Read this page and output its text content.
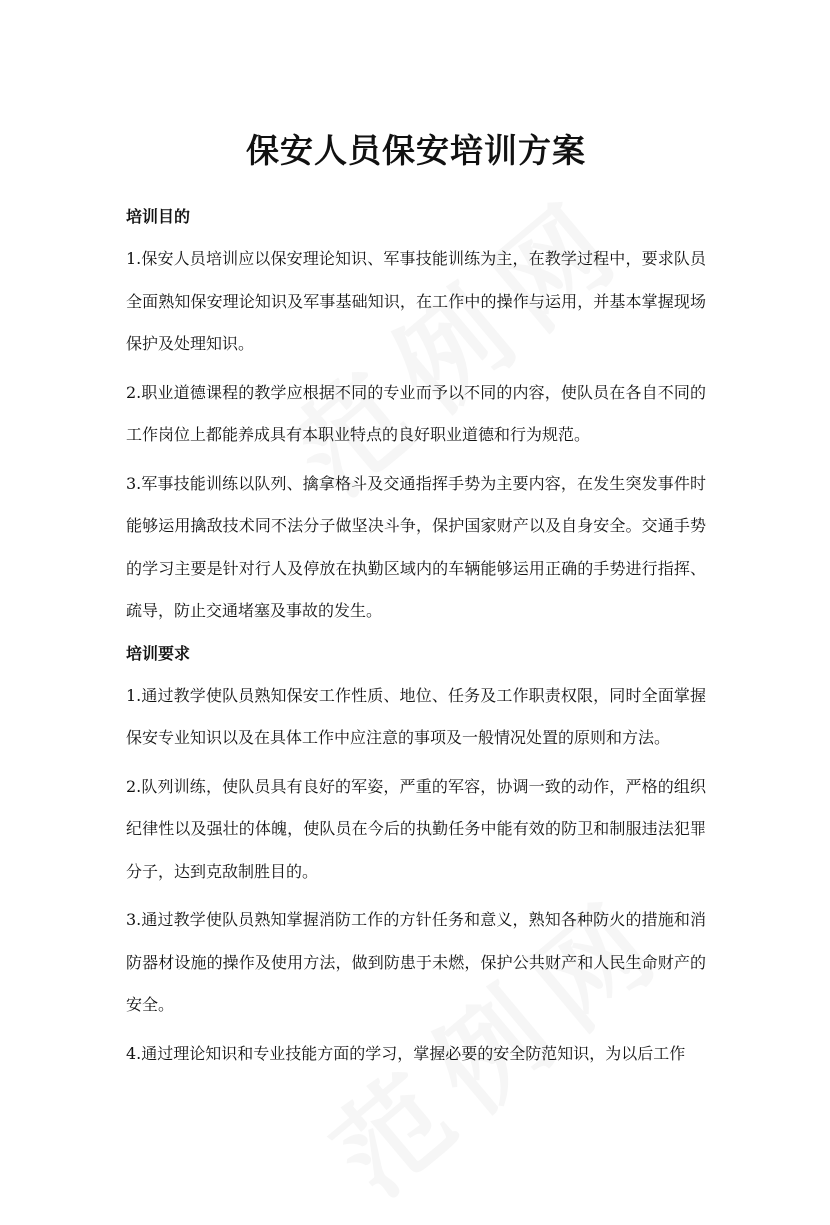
保安人员保安培训方案
培训目的

1.保安人员培训应以保安理论知识、军事技能训练为主，在教学过程中，要求队员全面熟知保安理论知识及军事基础知识，在工作中的操作与运用，并基本掌握现场保护及处理知识。

2.职业道德课程的教学应根据不同的专业而予以不同的内容，使队员在各自不同的工作岗位上都能养成具有本职业特点的良好职业道德和行为规范。

3.军事技能训练以队列、擒拿格斗及交通指挥手势为主要内容，在发生突发事件时能够运用擒敌技术同不法分子做坚决斗争，保护国家财产以及自身安全。交通手势的学习主要是针对行人及停放在执勤区域内的车辆能够运用正确的手势进行指挥、疏导，防止交通堵塞及事故的发生。

培训要求

1.通过教学使队员熟知保安工作性质、地位、任务及工作职责权限，同时全面掌握保安专业知识以及在具体工作中应注意的事项及一般情况处置的原则和方法。

2.队列训练，使队员具有良好的军姿，严重的军容，协调一致的动作，严格的组织纪律性以及强壮的体魄，使队员在今后的执勤任务中能有效的防卫和制服违法犯罪分子，达到克敌制胜目的。

3.通过教学使队员熟知掌握消防工作的方针任务和意义，熟知各种防火的措施和消防器材设施的操作及使用方法，做到防患于未燃，保护公共财产和人民生命财产的安全。

4.通过理论知识和专业技能方面的学习，掌握必要的安全防范知识，为以后工作
